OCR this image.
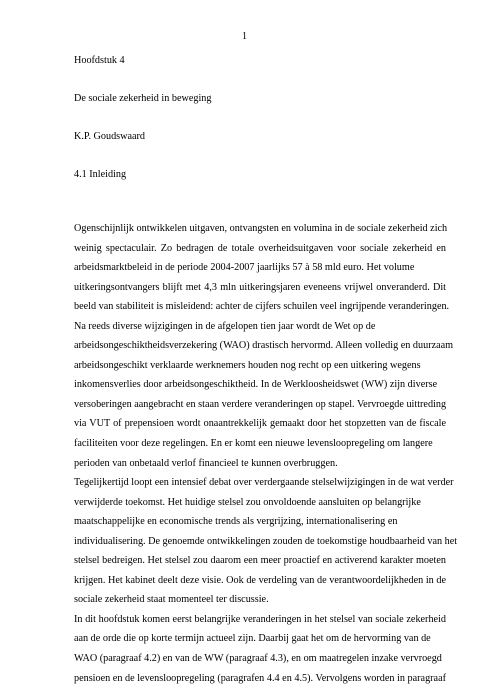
1
Hoofdstuk 4
De sociale zekerheid in beweging
K.P. Goudswaard
4.1 Inleiding
Ogenschijnlijk ontwikkelen uitgaven, ontvangsten en volumina in de sociale zekerheid zich
weinig spectaculair. Zo bedragen de totale overheidsuitgaven voor sociale zekerheid en
arbeidsmarktbeleid in de periode 2004-2007 jaarlijks 57 à 58 mld euro. Het volume
uitkeringsontvangers blijft met 4,3 mln uitkeringsjaren eveneens vrijwel onveranderd. Dit
beeld van stabiliteit is misleidend: achter de cijfers schuilen veel ingrijpende veranderingen.
Na reeds diverse wijzigingen in de afgelopen tien jaar wordt de Wet op de
arbeidsongeschiktheidsverzekering (WAO) drastisch hervormd. Alleen volledig en duurzaam
arbeidsongeschikt verklaarde werknemers houden nog recht op een uitkering wegens
inkomensverlies door arbeidsongeschiktheid. In de Werkloosheidswet (WW) zijn diverse
versoberingen aangebracht en staan verdere veranderingen op stapel. Vervroegde uittreding
via VUT of prepensioen wordt onaantrekkelijk gemaakt door het stopzetten van de fiscale
faciliteiten voor deze regelingen. En er komt een nieuwe levensloopregeling om langere
perioden van onbetaald verlof financieel te kunnen overbruggen.
Tegelijkertijd loopt een intensief debat over verdergaande stelselwijzigingen in de wat verder
verwijderde toekomst. Het huidige stelsel zou onvoldoende aansluiten op belangrijke
maatschappelijke en economische trends als vergrijzing, internationalisering en
individualisering. De genoemde ontwikkelingen zouden de toekomstige houdbaarheid van het
stelsel bedreigen. Het stelsel zou daarom een meer proactief en activerend karakter moeten
krijgen. Het kabinet deelt deze visie. Ook de verdeling van de verantwoordelijkheden in de
sociale zekerheid staat momenteel ter discussie.
In dit hoofdstuk komen eerst belangrijke veranderingen in het stelsel van sociale zekerheid
aan de orde die op korte termijn actueel zijn. Daarbij gaat het om de hervorming van de
WAO (paragraaf 4.2) en van de WW (paragraaf 4.3), en om maatregelen inzake vervroegd
pensioen en de levensloopregeling (paragrafen 4.4 en 4.5). Vervolgens worden in paragraaf
